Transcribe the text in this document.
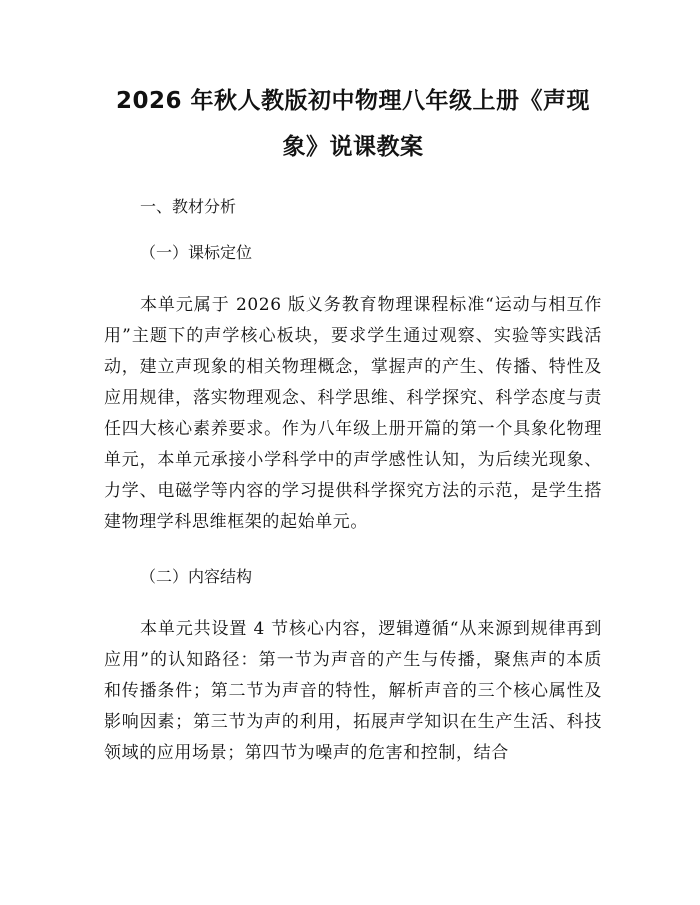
2026 年秋人教版初中物理八年级上册《声现
象》说课教案

一、教材分析

（一）课标定位

本单元属于 2026 版义务教育物理课程标准“运动与相互作用”主题下的声学核心板块，要求学生通过观察、实验等实践活动，建立声现象的相关物理概念，掌握声的产生、传播、特性及应用规律，落实物理观念、科学思维、科学探究、科学态度与责任四大核心素养要求。作为八年级上册开篇的第一个具象化物理单元，本单元承接小学科学中的声学感性认知，为后续光现象、力学、电磁学等内容的学习提供科学探究方法的示范，是学生搭建物理学科思维框架的起始单元。

（二）内容结构

本单元共设置 4 节核心内容，逻辑遵循“从来源到规律再到应用”的认知路径：第一节为声音的产生与传播，聚焦声的本质和传播条件；第二节为声音的特性，解析声音的三个核心属性及影响因素；第三节为声的利用，拓展声学知识在生产生活、科技领域的应用场景；第四节为噪声的危害和控制，结合
